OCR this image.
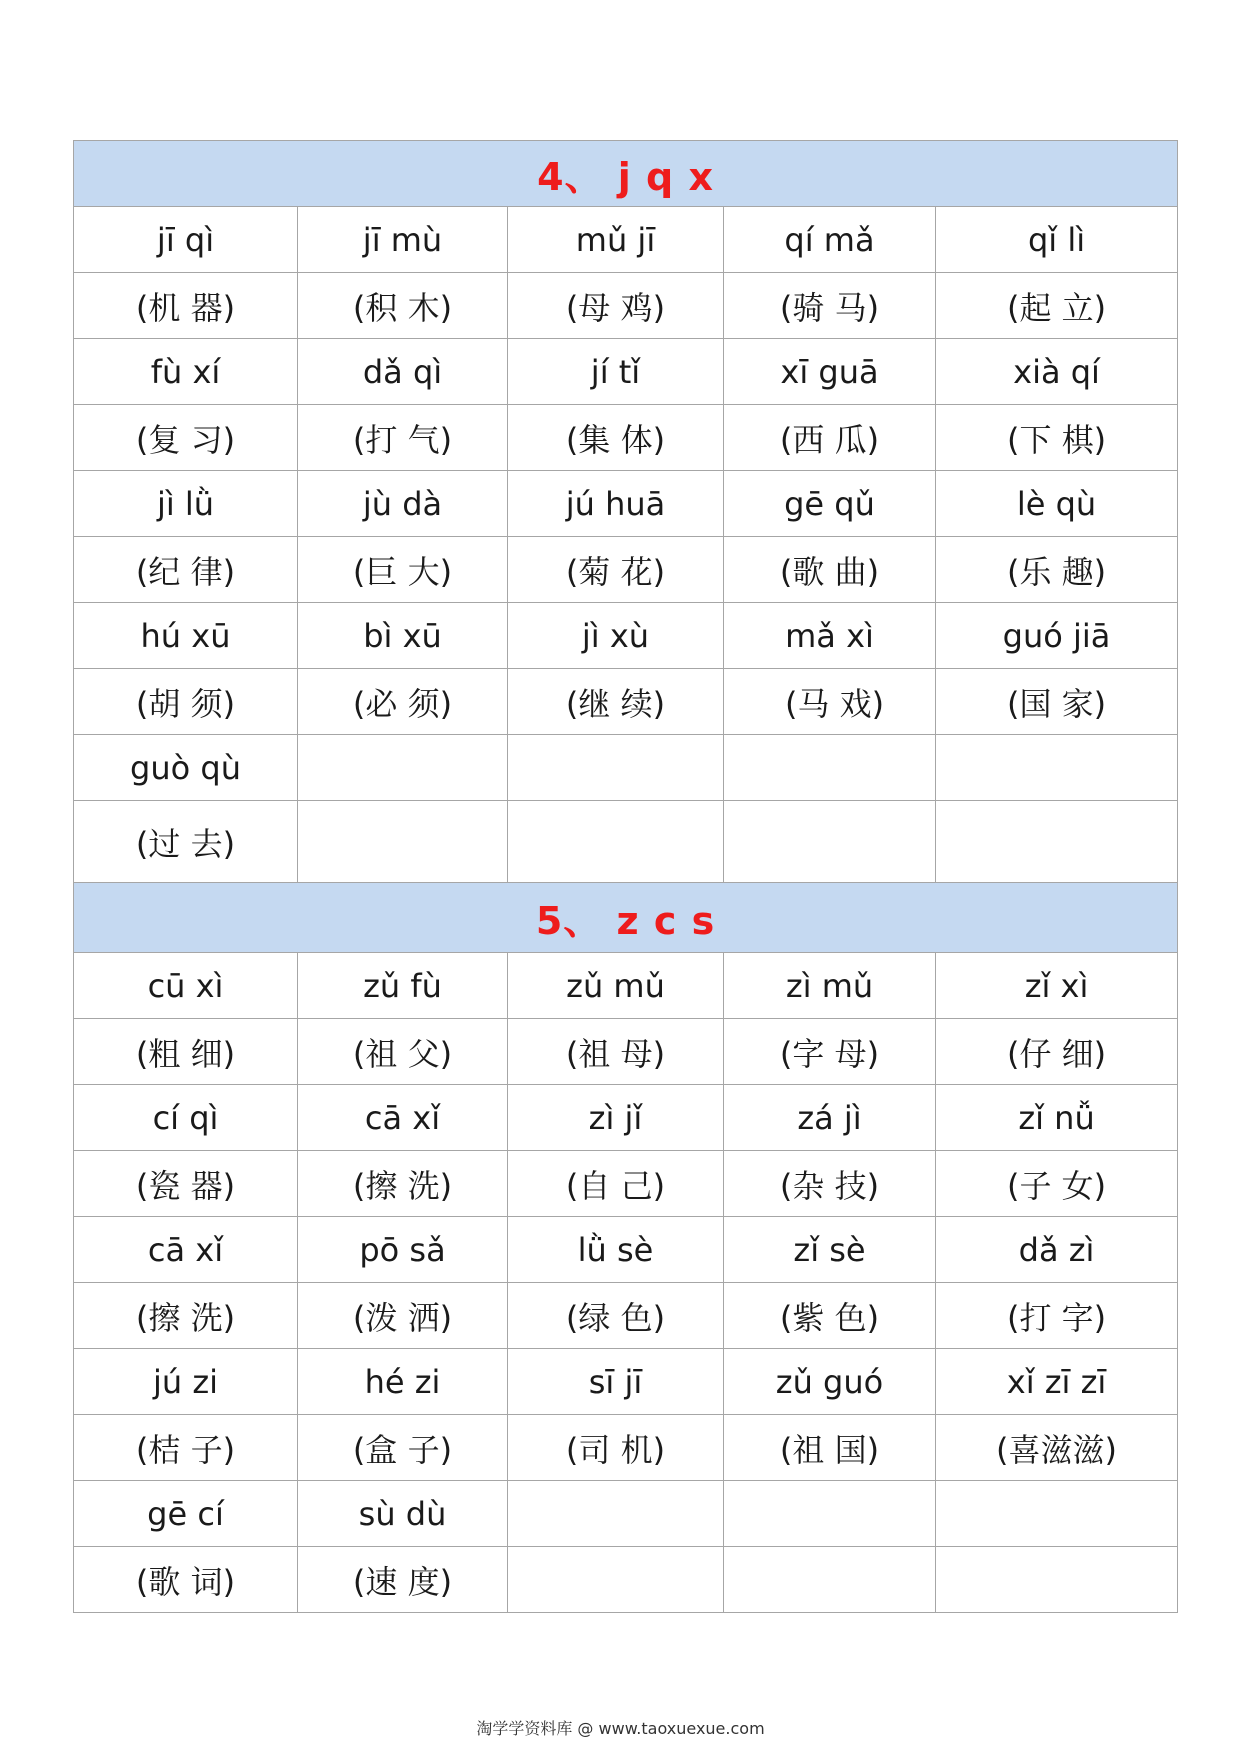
4、 j q x				
jī qì	jī mù	mǔ jī	qí mǎ	qǐ lì
(机 器)	(积 木)	(母 鸡)	(骑 马)	(起 立)
fù xí	dǎ qì	jí tǐ	xī guā	xià qí
(复 习)	(打 气)	(集 体)	(西 瓜)	(下 棋)
jì lǜ	jù dà	jú huā	gē qǔ	lè qù
(纪 律)	(巨 大)	(菊 花)	(歌 曲)	(乐 趣)
hú xū	bì xū	jì xù	mǎ xì	guó jiā
(胡 须)	(必 须)	(继 续)	(马 戏)	(国 家)
guò qù				
(过 去)				
5、 z c s				
cū xì	zǔ fù	zǔ mǔ	zì mǔ	zǐ xì
(粗 细)	(祖 父)	(祖 母)	(字 母)	(仔 细)
cí qì	cā xǐ	zì jǐ	zá jì	zǐ nǚ
(瓷 器)	(擦 洗)	(自 己)	(杂 技)	(子 女)
cā xǐ	pō sǎ	lǜ sè	zǐ sè	dǎ zì
(擦 洗)	(泼 洒)	(绿 色)	(紫 色)	(打 字)
jú zi	hé zi	sī jī	zǔ guó	xǐ zī zī
(桔 子)	(盒 子)	(司 机)	(祖 国)	(喜滋滋)
gē cí	sù dù			
(歌 词)	(速 度)			
淘学学资料库 @ www.taoxuexue.com
